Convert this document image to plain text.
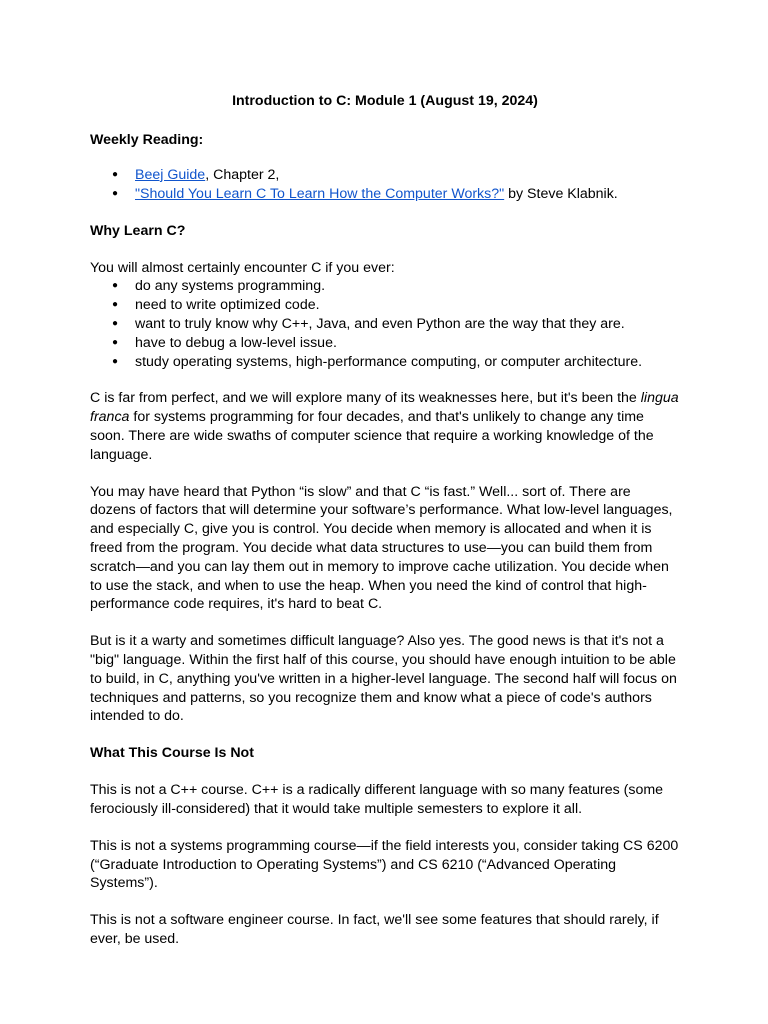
Introduction to C: Module 1 (August 19, 2024)
Weekly Reading:
● Beej Guide, Chapter 2,
● "Should You Learn C To Learn How the Computer Works?" by Steve Klabnik.
Why Learn C?

You will almost certainly encounter C if you ever:

● do any systems programming.
● need to write optimized code.
● want to truly know why C++, Java, and even Python are the way that they are.
● have to debug a low-level issue.
● study operating systems, high-performance computing, or computer architecture.

C is far from perfect, and we will explore many of its weaknesses here, but it's been the lingua franca for systems programming for four decades, and that's unlikely to change any time soon. There are wide swaths of computer science that require a working knowledge of the language.

You may have heard that Python “is slow” and that C “is fast.” Well... sort of. There are dozens of factors that will determine your software’s performance. What low-level languages, and especially C, give you is control. You decide when memory is allocated and when it is freed from the program. You decide what data structures to use—you can build them from scratch—and you can lay them out in memory to improve cache utilization. You decide when to use the stack, and when to use the heap. When you need the kind of control that high-performance code requires, it's hard to beat C.

But is it a warty and sometimes difficult language? Also yes. The good news is that it's not a "big" language. Within the first half of this course, you should have enough intuition to be able to build, in C, anything you've written in a higher-level language. The second half will focus on techniques and patterns, so you recognize them and know what a piece of code's authors intended to do.

What This Course Is Not

This is not a C++ course. C++ is a radically different language with so many features (some ferociously ill-considered) that it would take multiple semesters to explore it all.

This is not a systems programming course—if the field interests you, consider taking CS 6200 (“Graduate Introduction to Operating Systems”) and CS 6210 (“Advanced Operating Systems”).

This is not a software engineer course. In fact, we'll see some features that should rarely, if ever, be used.
